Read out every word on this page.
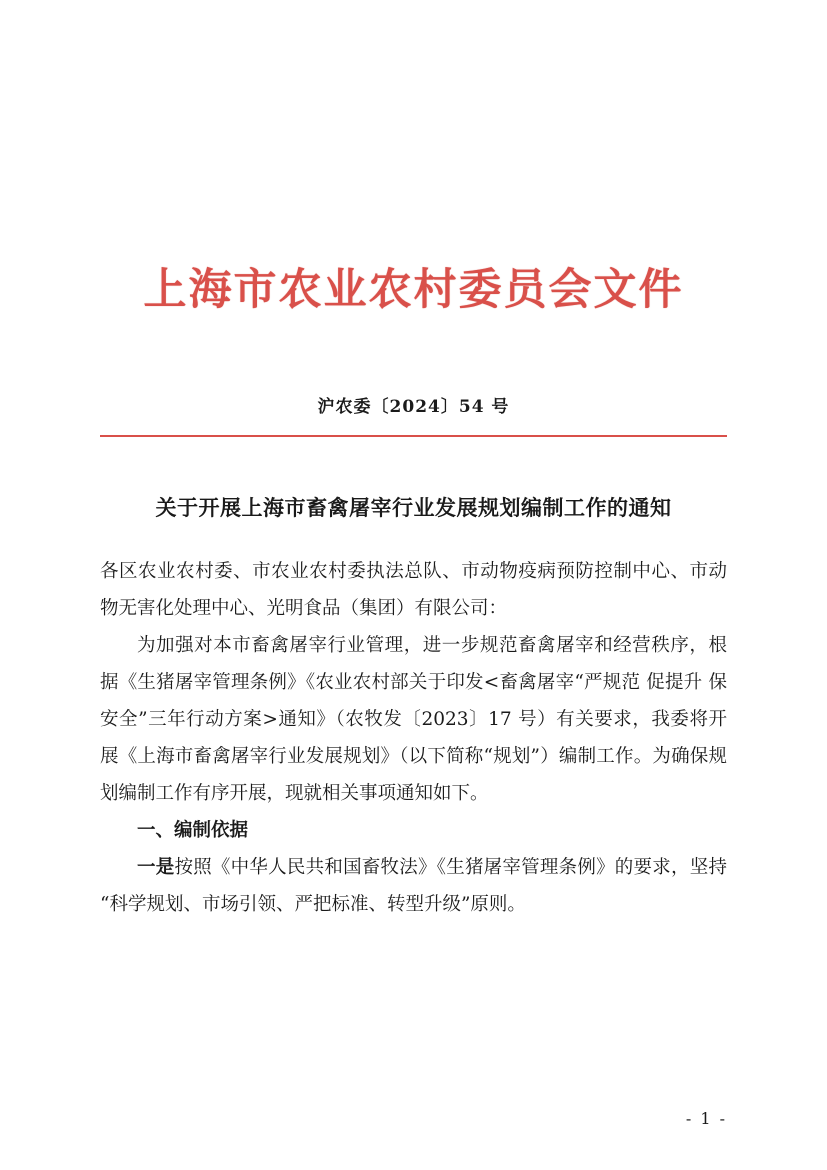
上海市农业农村委员会文件
沪农委〔2024〕54 号
关于开展上海市畜禽屠宰行业发展规划编制工作的通知

各区农业农村委、市农业农村委执法总队、市动物疫病预防控制中心、市动物无害化处理中心、光明食品（集团）有限公司：

为加强对本市畜禽屠宰行业管理，进一步规范畜禽屠宰和经营秩序，根据《生猪屠宰管理条例》《农业农村部关于印发<畜禽屠宰“严规范 促提升 保安全”三年行动方案>通知》（农牧发〔2023〕17 号）有关要求，我委将开展《上海市畜禽屠宰行业发展规划》（以下简称“规划”）编制工作。为确保规划编制工作有序开展，现就相关事项通知如下。

一、编制依据

一是按照《中华人民共和国畜牧法》《生猪屠宰管理条例》的要求，坚持“科学规划、市场引领、严把标准、转型升级”原则。

- 1 -
